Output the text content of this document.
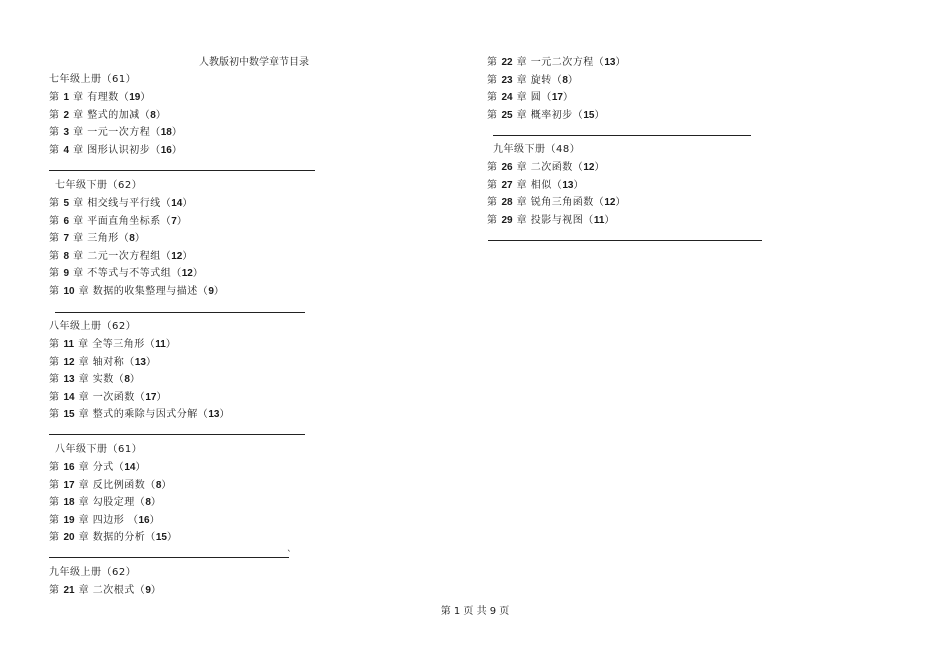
人教版初中数学章节目录
七年级上册（61）
第 1 章 有理数（19）
第 2 章 整式的加减（8）
第 3 章 一元一次方程（18）
第 4 章 图形认识初步（16）
七年级下册（62）
第 5 章 相交线与平行线（14）
第 6 章 平面直角坐标系（7）
第 7 章 三角形（8）
第 8 章 二元一次方程组（12）
第 9 章 不等式与不等式组（12）
第 10 章 数据的收集整理与描述（9）
八年级上册（62）
第 11 章 全等三角形（11）
第 12 章 轴对称（13）
第 13 章 实数（8）
第 14 章 一次函数（17）
第 15 章 整式的乘除与因式分解（13）
八年级下册（61）
第 16 章 分式（14）
第 17 章 反比例函数（8）
第 18 章 勾股定理（8）
第 19 章 四边形 （16）
第 20 章 数据的分析（15）
`
九年级上册（62）
第 21 章 二次根式（9）
第 22 章 一元二次方程（13）
第 23 章 旋转（8）
第 24 章 圆（17）
第 25 章 概率初步（15）
九年级下册（48）
第 26 章 二次函数（12）
第 27 章 相似（13）
第 28 章 锐角三角函数（12）
第 29 章 投影与视图（11）
第 1 页 共 9 页
